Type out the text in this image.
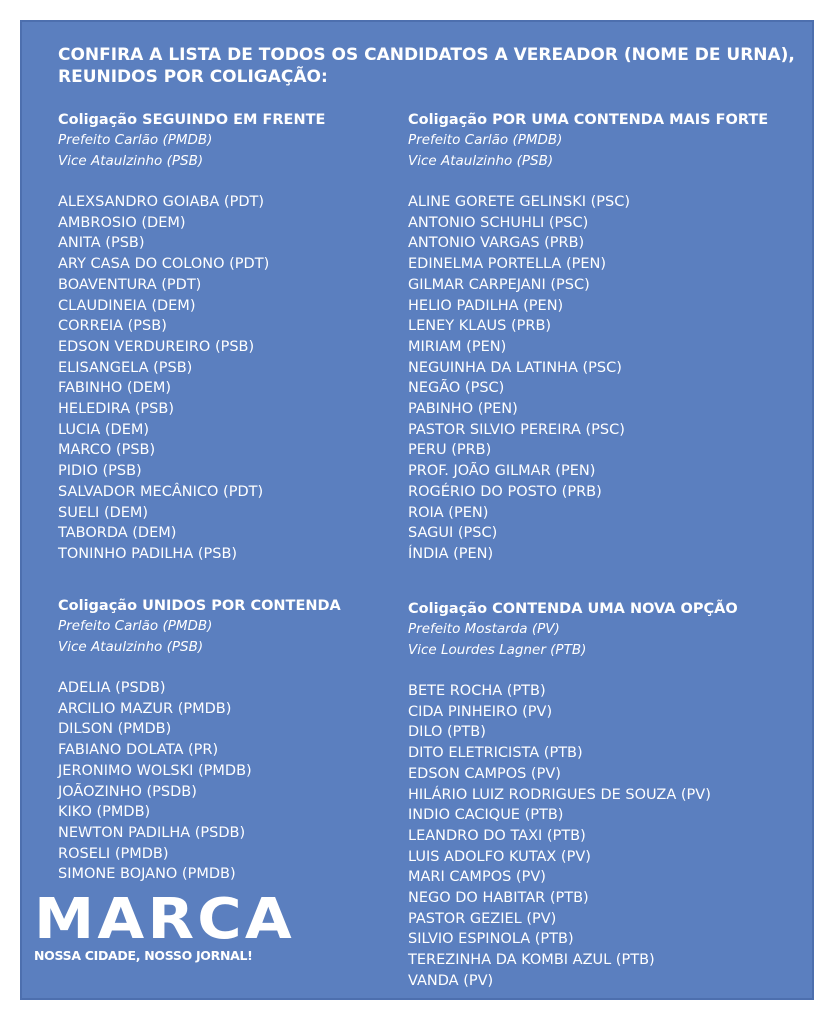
CONFIRA A LISTA DE TODOS OS CANDIDATOS A VEREADOR (NOME DE URNA), REUNIDOS POR COLIGAÇÃO:
Coligação SEGUINDO EM FRENTE
Prefeito Carlão (PMDB)
Vice Ataulzinho (PSB)
ALEXSANDRO GOIABA (PDT)
AMBROSIO (DEM)
ANITA (PSB)
ARY CASA DO COLONO (PDT)
BOAVENTURA (PDT)
CLAUDINEIA (DEM)
CORREIA (PSB)
EDSON VERDUREIRO (PSB)
ELISANGELA (PSB)
FABINHO (DEM)
HELEDIRA (PSB)
LUCIA (DEM)
MARCO (PSB)
PIDIO (PSB)
SALVADOR MECÂNICO (PDT)
SUELI (DEM)
TABORDA (DEM)
TONINHO PADILHA (PSB)
Coligação POR UMA CONTENDA MAIS FORTE
Prefeito Carlão (PMDB)
Vice Ataulzinho (PSB)
ALINE GORETE GELINSKI (PSC)
ANTONIO SCHUHLI (PSC)
ANTONIO VARGAS (PRB)
EDINELMA PORTELLA (PEN)
GILMAR CARPEJANI (PSC)
HELIO PADILHA (PEN)
LENEY KLAUS (PRB)
MIRIAM (PEN)
NEGUINHA DA LATINHA (PSC)
NEGÃO (PSC)
PABINHO (PEN)
PASTOR SILVIO PEREIRA (PSC)
PERU (PRB)
PROF. JOÃO GILMAR (PEN)
ROGÉRIO DO POSTO (PRB)
ROIA (PEN)
SAGUI (PSC)
ÍNDIA (PEN)
Coligação UNIDOS POR CONTENDA
Prefeito Carlão (PMDB)
Vice Ataulzinho (PSB)
ADELIA (PSDB)
ARCILIO MAZUR (PMDB)
DILSON (PMDB)
FABIANO DOLATA (PR)
JERONIMO WOLSKI (PMDB)
JOÃOZINHO (PSDB)
KIKO (PMDB)
NEWTON PADILHA (PSDB)
ROSELI (PMDB)
SIMONE BOJANO (PMDB)
Coligação CONTENDA UMA NOVA OPÇÃO
Prefeito Mostarda (PV)
Vice Lourdes Lagner (PTB)
BETE ROCHA (PTB)
CIDA PINHEIRO (PV)
DILO (PTB)
DITO ELETRICISTA (PTB)
EDSON CAMPOS (PV)
HILÁRIO LUIZ RODRIGUES DE SOUZA (PV)
INDIO CACIQUE (PTB)
LEANDRO DO TAXI (PTB)
LUIS ADOLFO KUTAX (PV)
MARI CAMPOS (PV)
NEGO DO HABITAR (PTB)
PASTOR GEZIEL (PV)
SILVIO ESPINOLA (PTB)
TEREZINHA DA KOMBI AZUL (PTB)
VANDA (PV)
MARCA
NOSSA CIDADE, NOSSO JORNAL!
